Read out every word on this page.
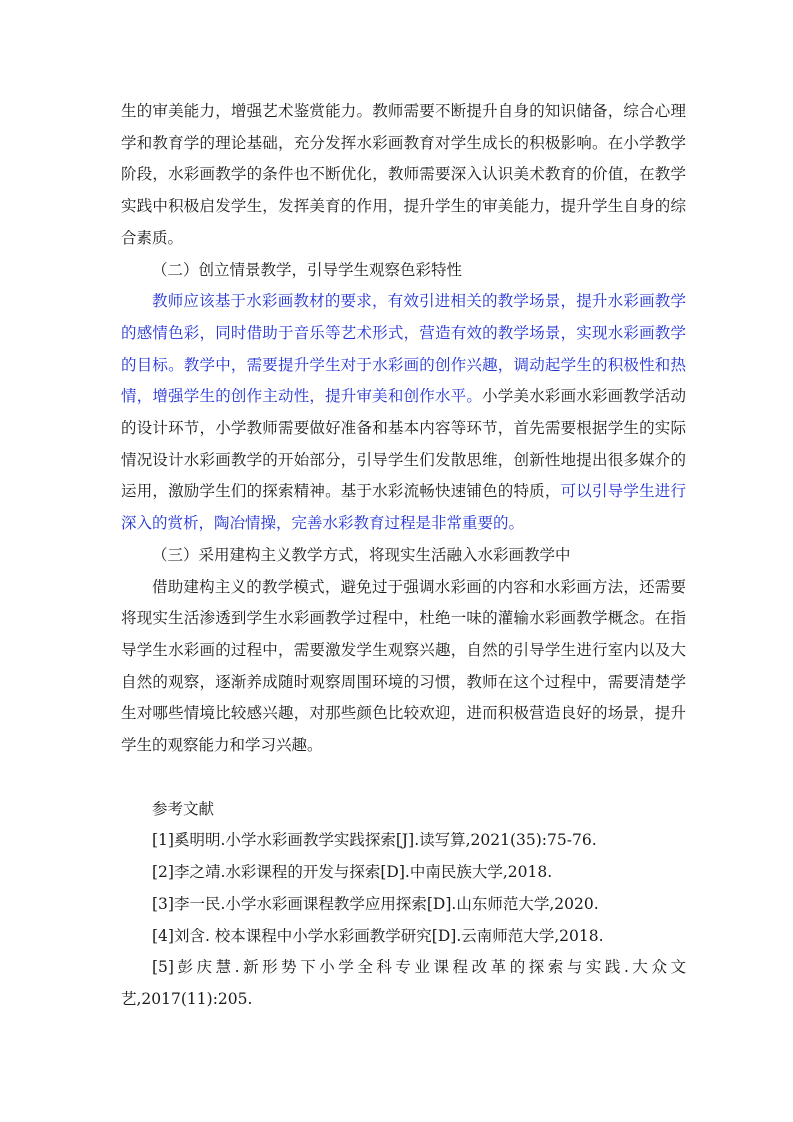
生的审美能力，增强艺术鉴赏能力。教师需要不断提升自身的知识储备，综合心理学和教育学的理论基础，充分发挥水彩画教育对学生成长的积极影响。在小学教学阶段，水彩画教学的条件也不断优化，教师需要深入认识美术教育的价值，在教学实践中积极启发学生，发挥美育的作用，提升学生的审美能力，提升学生自身的综合素质。

（二）创立情景教学，引导学生观察色彩特性

教师应该基于水彩画教材的要求，有效引进相关的教学场景，提升水彩画教学的感情色彩，同时借助于音乐等艺术形式，营造有效的教学场景，实现水彩画教学的目标。教学中，需要提升学生对于水彩画的创作兴趣，调动起学生的积极性和热情，增强学生的创作主动性，提升审美和创作水平。小学美水彩画水彩画教学活动的设计环节，小学教师需要做好准备和基本内容等环节，首先需要根据学生的实际情况设计水彩画教学的开始部分，引导学生们发散思维，创新性地提出很多媒介的运用，激励学生们的探索精神。基于水彩流畅快速铺色的特质，可以引导学生进行深入的赏析，陶冶情操，完善水彩教育过程是非常重要的。

（三）采用建构主义教学方式，将现实生活融入水彩画教学中

借助建构主义的教学模式，避免过于强调水彩画的内容和水彩画方法，还需要将现实生活渗透到学生水彩画教学过程中，杜绝一味的灌输水彩画教学概念。在指导学生水彩画的过程中，需要激发学生观察兴趣，自然的引导学生进行室内以及大自然的观察，逐渐养成随时观察周围环境的习惯，教师在这个过程中，需要清楚学生对哪些情境比较感兴趣，对那些颜色比较欢迎，进而积极营造良好的场景，提升学生的观察能力和学习兴趣。

参考文献

[1]奚明明.小学水彩画教学实践探索[J].读写算,2021(35):75-76.

[2]李之靖.水彩课程的开发与探索[D].中南民族大学,2018.

[3]李一民.小学水彩画课程教学应用探索[D].山东师范大学,2020.

[4]刘含. 校本课程中小学水彩画教学研究[D].云南师范大学,2018.

[5]彭庆慧.新形势下小学全科专业课程改革的探索与实践.大众文艺,2017(11):205.
